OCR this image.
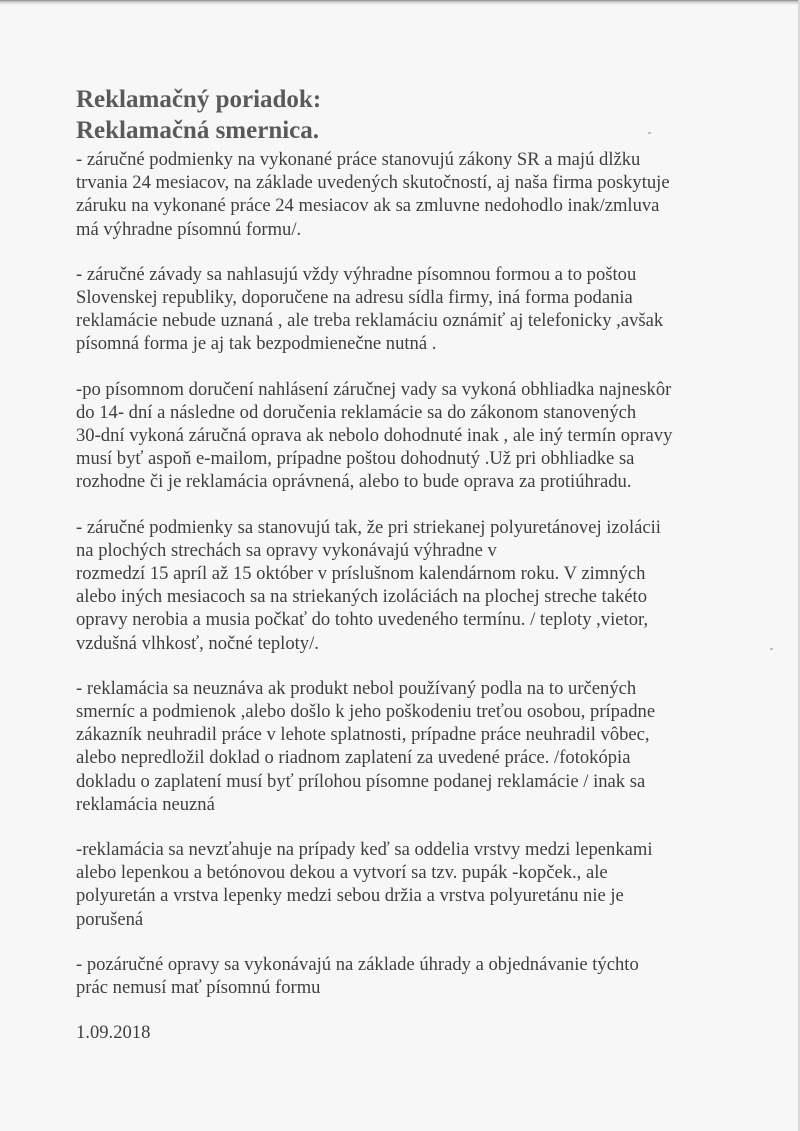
Reklamačný poriadok:
Reklamačná smernica.

- záručné podmienky na vykonané práce stanovujú zákony SR a majú dlžku
trvania 24 mesiacov, na základe uvedených skutočností, aj naša firma poskytuje
záruku na vykonané práce 24 mesiacov ak sa zmluvne nedohodlo inak/zmluva
má výhradne písomnú formu/.

- záručné závady sa nahlasujú vždy výhradne písomnou formou a to poštou
Slovenskej republiky, doporučene na adresu sídla firmy, iná forma podania
reklamácie nebude uznaná , ale treba reklamáciu oznámiť aj telefonicky ,avšak
písomná forma je aj tak bezpodmienečne nutná .

-po písomnom doručení nahlásení záručnej vady sa vykoná obhliadka najneskôr
do 14- dní a následne od doručenia reklamácie sa do zákonom stanovených
30-dní vykoná záručná oprava ak nebolo dohodnuté inak , ale iný termín opravy
musí byť aspoň e-mailom, prípadne poštou dohodnutý .Už pri obhliadke sa
rozhodne či je reklamácia oprávnená, alebo to bude oprava za protiúhradu.

- záručné podmienky sa stanovujú tak, že pri striekanej polyuretánovej izolácii
na plochých strechách sa opravy vykonávajú výhradne v
rozmedzí 15 apríl až 15 október v príslušnom kalendárnom roku. V zimných
alebo iných mesiacoch sa na striekaných izoláciách na plochej streche takéto
opravy nerobia a musia počkať do tohto uvedeného termínu. / teploty ,vietor,
vzdušná vlhkosť, nočné teploty/.

- reklamácia sa neuznáva ak produkt nebol používaný podla na to určených
smerníc a podmienok ,alebo došlo k jeho poškodeniu treťou osobou, prípadne
zákazník neuhradil práce v lehote splatnosti, prípadne práce neuhradil vôbec,
alebo nepredložil doklad o riadnom zaplatení za uvedené práce. /fotokópia
dokladu o zaplatení musí byť prílohou písomne podanej reklamácie / inak sa
reklamácia neuzná

-reklamácia sa nevzťahuje na prípady keď sa oddelia vrstvy medzi lepenkami
alebo lepenkou a betónovou dekou a vytvorí sa tzv. pupák -kopček., ale
polyuretán a vrstva lepenky medzi sebou držia a vrstva polyuretánu nie je
porušená

- pozáručné opravy sa vykonávajú na základe úhrady a objednávanie týchto
prác nemusí mať písomnú formu

1.09.2018
